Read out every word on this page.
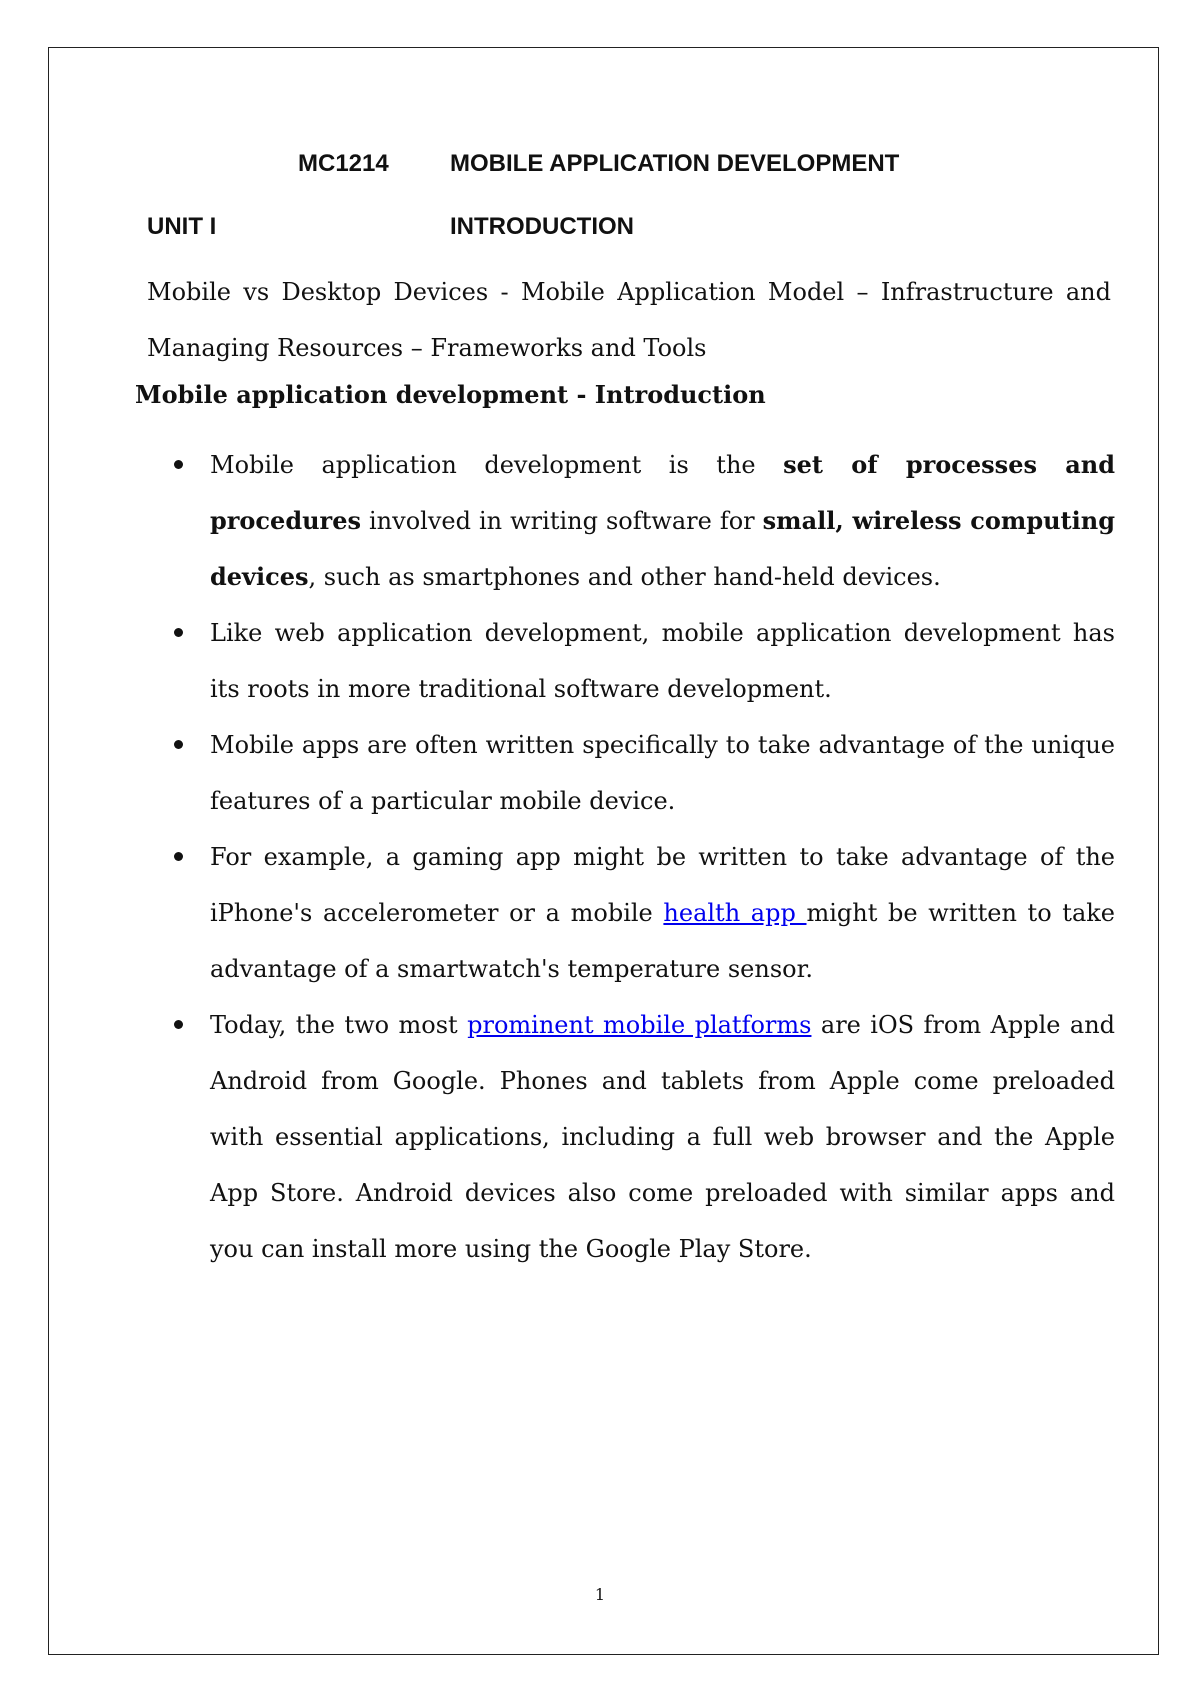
MC1214	MOBILE APPLICATION DEVELOPMENT
UNIT I	INTRODUCTION
Mobile vs Desktop Devices - Mobile Application Model – Infrastructure and Managing Resources – Frameworks and Tools
Mobile application development - Introduction
Mobile application development is the set of processes and procedures involved in writing software for small, wireless computing devices, such as smartphones and other hand-held devices.
Like web application development, mobile application development has its roots in more traditional software development.
Mobile apps are often written specifically to take advantage of the unique features of a particular mobile device.
For example, a gaming app might be written to take advantage of the iPhone's accelerometer or a mobile health app might be written to take advantage of a smartwatch's temperature sensor.
Today, the two most prominent mobile platforms are iOS from Apple and Android from Google. Phones and tablets from Apple come preloaded with essential applications, including a full web browser and the Apple App Store. Android devices also come preloaded with similar apps and you can install more using the Google Play Store.
1
